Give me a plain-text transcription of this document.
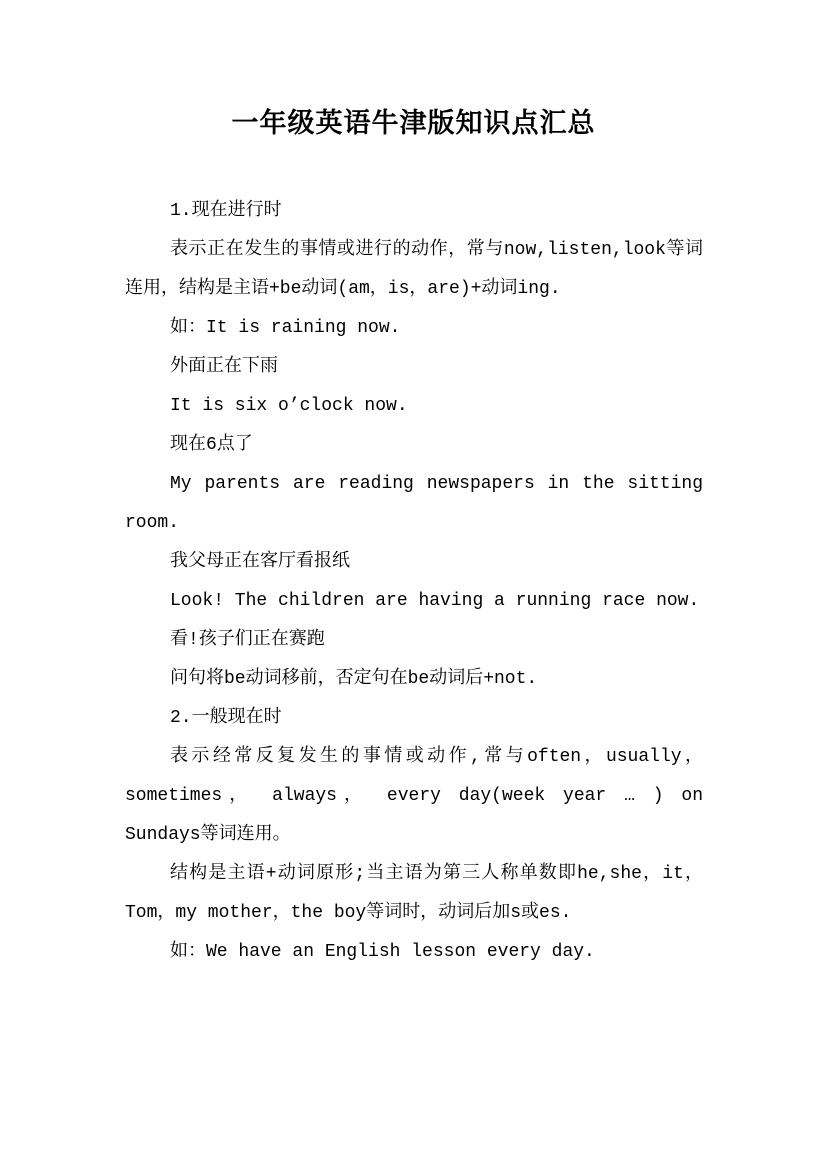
一年级英语牛津版知识点汇总

1.现在进行时

表示正在发生的事情或进行的动作，常与now,listen,look等词连用，结构是主语+be动词(am，is，are)+动词ing.

如：It is raining now.

外面正在下雨

It is six o’clock now.

现在6点了

My parents are reading newspapers in the sitting room.

我父母正在客厅看报纸

Look! The children are having a running race now.

看!孩子们正在赛跑

问句将be动词移前，否定句在be动词后+not.

2.一般现在时

表示经常反复发生的事情或动作,常与often，usually，sometimes， always， every day(week year … ) on Sundays等词连用。

结构是主语+动词原形;当主语为第三人称单数即he,she，it，Tom，my mother，the boy等词时，动词后加s或es.

如：We have an English lesson every day.
